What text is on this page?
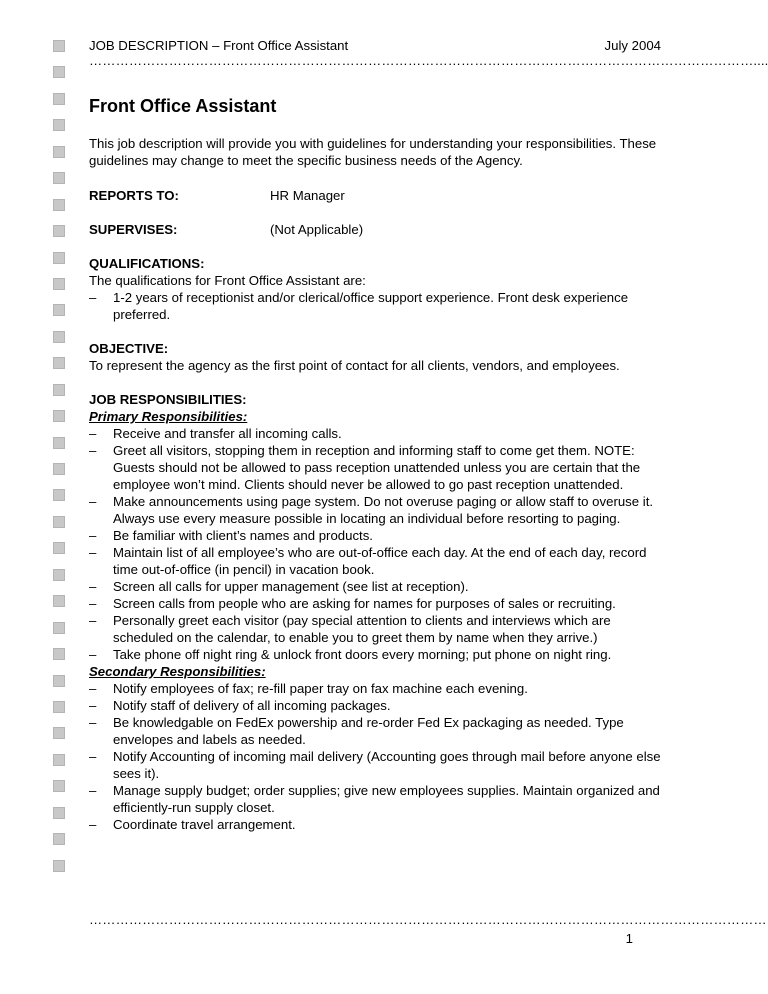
JOB DESCRIPTION – Front Office Assistant	July 2004
……………………………………………………………………………………………………………………………………....
Front Office Assistant

This job description will provide you with guidelines for understanding your responsibilities. These guidelines may change to meet the specific business needs of the Agency.

REPORTS TO:	HR Manager
SUPERVISES:	(Not Applicable)
QUALIFICATIONS:
The qualifications for Front Office Assistant are:
– 1-2 years of receptionist and/or clerical/office support experience. Front desk experience preferred.
OBJECTIVE:
To represent the agency as the first point of contact for all clients, vendors, and employees.
JOB RESPONSIBILITIES:
Primary Responsibilities:
– Receive and transfer all incoming calls.
– Greet all visitors, stopping them in reception and informing staff to come get them. NOTE: Guests should not be allowed to pass reception unattended unless you are certain that the employee won’t mind. Clients should never be allowed to go past reception unattended.
– Make announcements using page system. Do not overuse paging or allow staff to overuse it. Always use every measure possible in locating an individual before resorting to paging.
– Be familiar with client’s names and products.
– Maintain list of all employee’s who are out-of-office each day. At the end of each day, record time out-of-office (in pencil) in vacation book.
– Screen all calls for upper management (see list at reception).
– Screen calls from people who are asking for names for purposes of sales or recruiting.
– Personally greet each visitor (pay special attention to clients and interviews which are scheduled on the calendar, to enable you to greet them by name when they arrive.)
– Take phone off night ring & unlock front doors every morning; put phone on night ring.
Secondary Responsibilities:
– Notify employees of fax; re-fill paper tray on fax machine each evening.
– Notify staff of delivery of all incoming packages.
– Be knowledgable on FedEx powership and re-order Fed Ex packaging as needed. Type envelopes and labels as needed.
– Notify Accounting of incoming mail delivery (Accounting goes through mail before anyone else sees it).
– Manage supply budget; order supplies; give new employees supplies. Maintain organized and efficiently-run supply closet.
– Coordinate travel arrangement.
………………………………………………………………………………………………………………………………………
1
